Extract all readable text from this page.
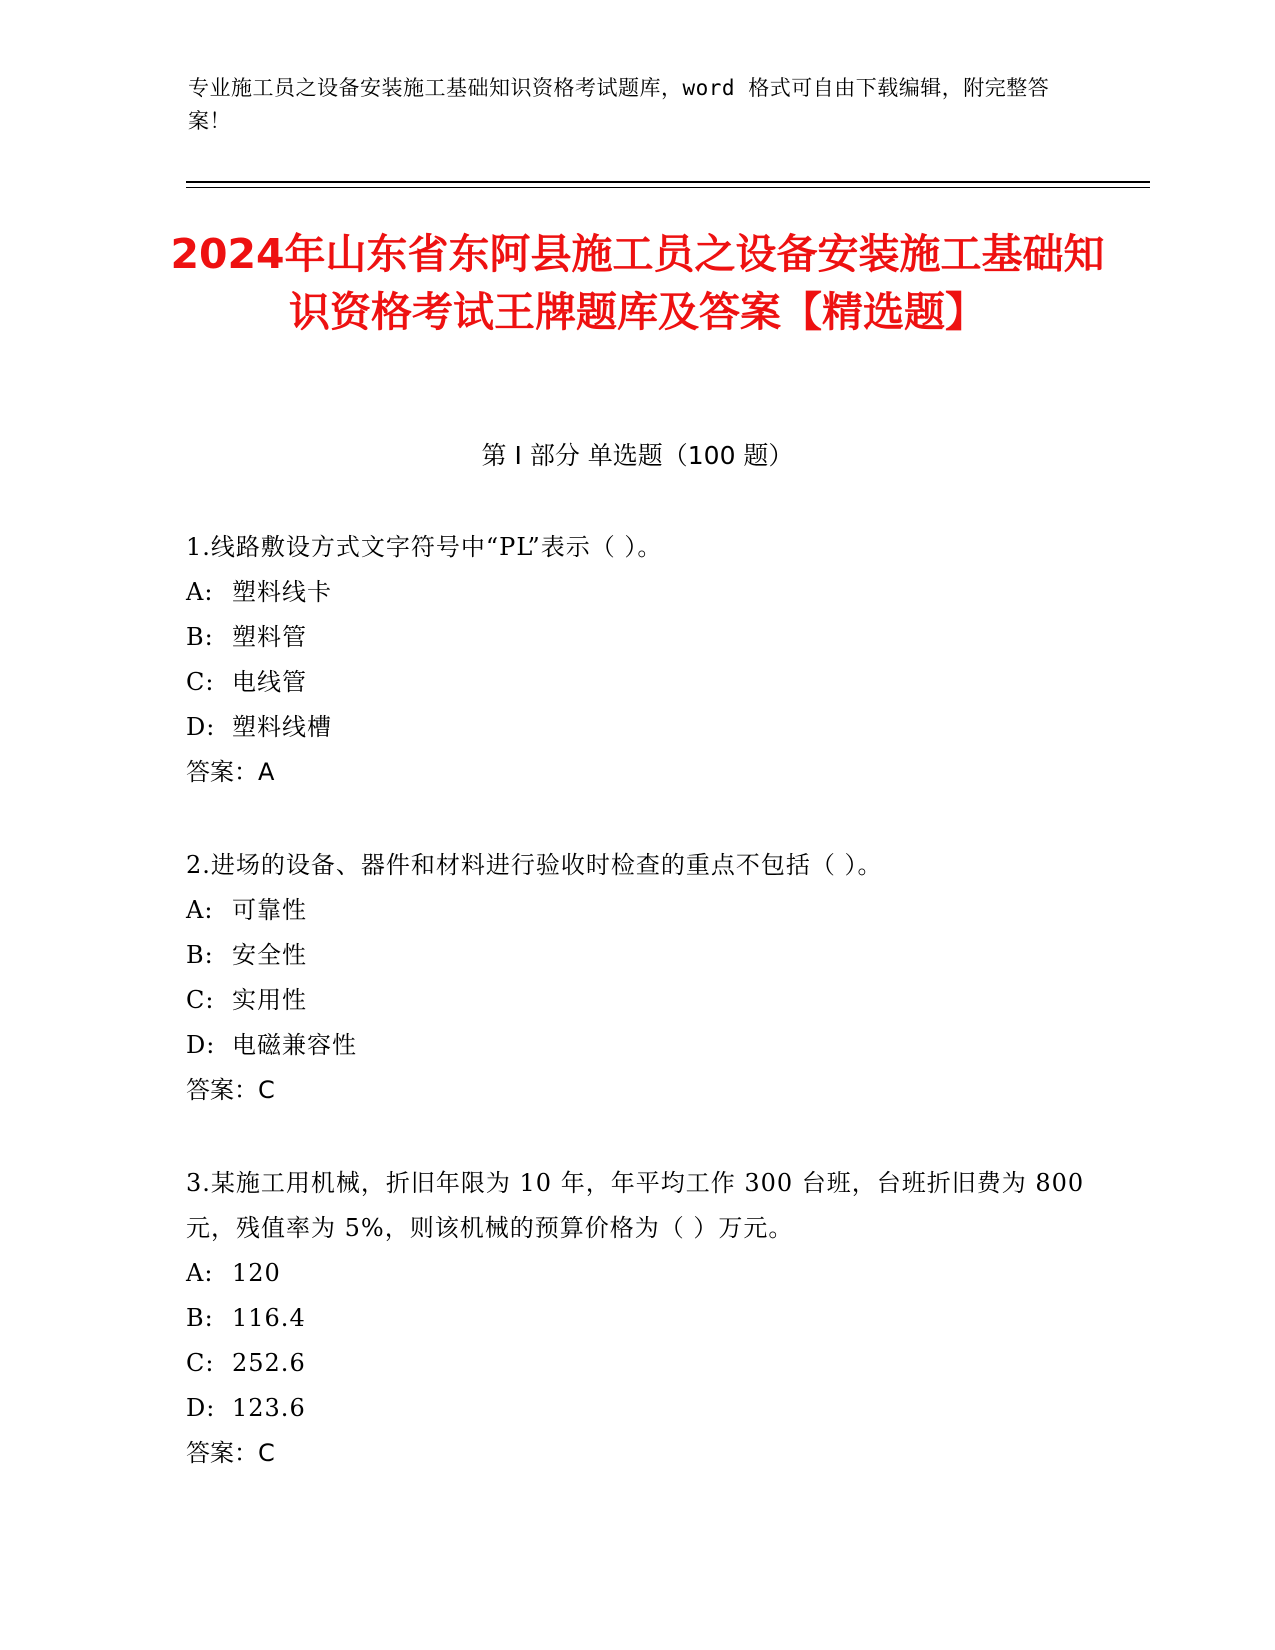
专业施工员之设备安装施工基础知识资格考试题库，word 格式可自由下载编辑，附完整答案！
2024年山东省东阿县施工员之设备安装施工基础知识资格考试王牌题库及答案【精选题】
第 I 部分 单选题（100 题）
1.线路敷设方式文字符号中“PL”表示（ ）。
A: 塑料线卡
B: 塑料管
C: 电线管
D: 塑料线槽
答案：A
2.进场的设备、器件和材料进行验收时检查的重点不包括（ ）。
A: 可靠性
B: 安全性
C: 实用性
D: 电磁兼容性
答案：C
3.某施工用机械，折旧年限为 10 年，年平均工作 300 台班，台班折旧费为 800 元，残值率为 5%，则该机械的预算价格为（ ）万元。
A: 120
B: 116.4
C: 252.6
D: 123.6
答案：C
